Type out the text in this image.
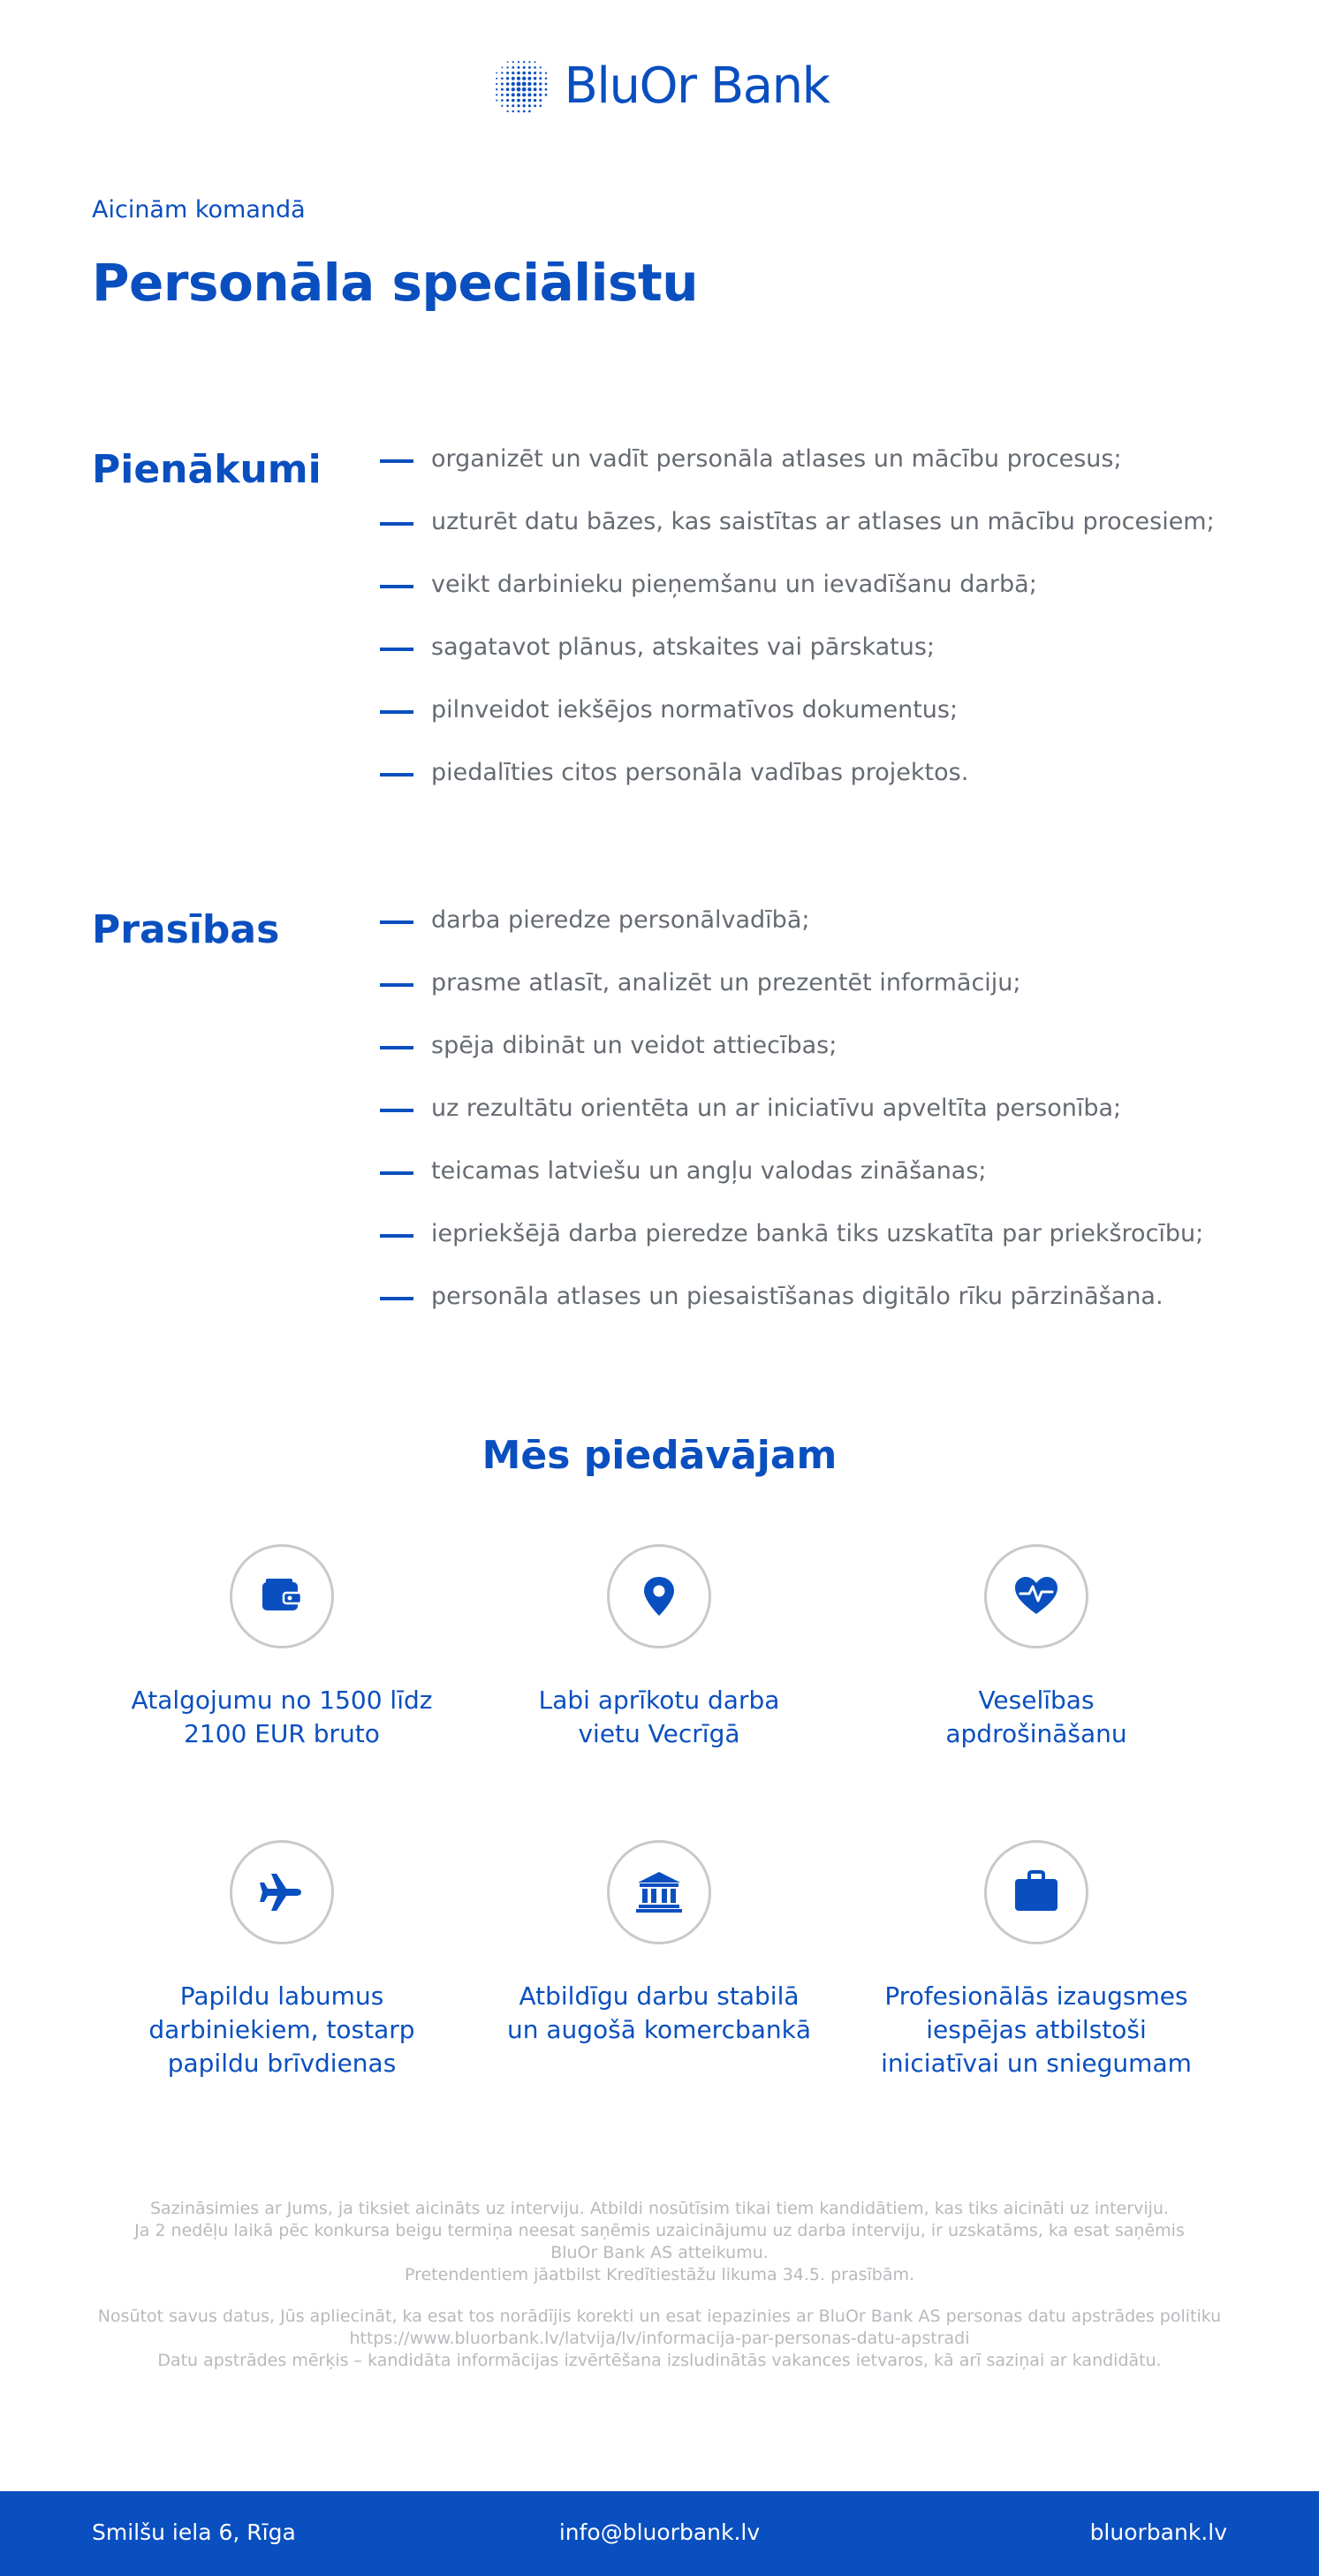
BluOr Bank
Aicinām komandā
Personāla speciālistu
Pienākumi	organizēt un vadīt personāla atlases un mācību procesus;
uzturēt datu bāzes, kas saistītas ar atlases un mācību procesiem;
veikt darbinieku pieņemšanu un ievadīšanu darbā;
sagatavot plānus, atskaites vai pārskatus;
pilnveidot iekšējos normatīvos dokumentus;
piedalīties citos personāla vadības projektos.
Prasības	darba pieredze personālvadībā;
prasme atlasīt, analizēt un prezentēt informāciju;
spēja dibināt un veidot attiecības;
uz rezultātu orientēta un ar iniciatīvu apveltīta personība;
teicamas latviešu un angļu valodas zināšanas;
iepriekšējā darba pieredze bankā tiks uzskatīta par priekšrocību;
personāla atlases un piesaistīšanas digitālo rīku pārzināšana.
Mēs piedāvājam
Atalgojumu no 1500 līdz
2100 EUR bruto
Labi aprīkotu darba
vietu Vecrīgā
Veselības
apdrošināšanu
Papildu labumus
darbiniekiem, tostarp
papildu brīvdienas
Atbildīgu darbu stabilā
un augošā komercbankā
Profesionālās izaugsmes
iespējas atbilstoši
iniciatīvai un sniegumam
Sazināsimies ar Jums, ja tiksiet aicināts uz interviju. Atbildi nosūtīsim tikai tiem kandidātiem, kas tiks aicināti uz interviju.
Ja 2 nedēļu laikā pēc konkursa beigu termiņa neesat saņēmis uzaicinājumu uz darba interviju, ir uzskatāms, ka esat saņēmis
BluOr Bank AS atteikumu.
Pretendentiem jāatbilst Kredītiestāžu likuma 34.5. prasībām.
Nosūtot savus datus, Jūs apliecināt, ka esat tos norādījis korekti un esat iepazinies ar BluOr Bank AS personas datu apstrādes politiku
https://www.bluorbank.lv/latvija/lv/informacija-par-personas-datu-apstradi
Datu apstrādes mērķis – kandidāta informācijas izvērtēšana izsludinātās vakances ietvaros, kā arī saziņai ar kandidātu.
Smilšu iela 6, Rīga	info@bluorbank.lv	bluorbank.lv
